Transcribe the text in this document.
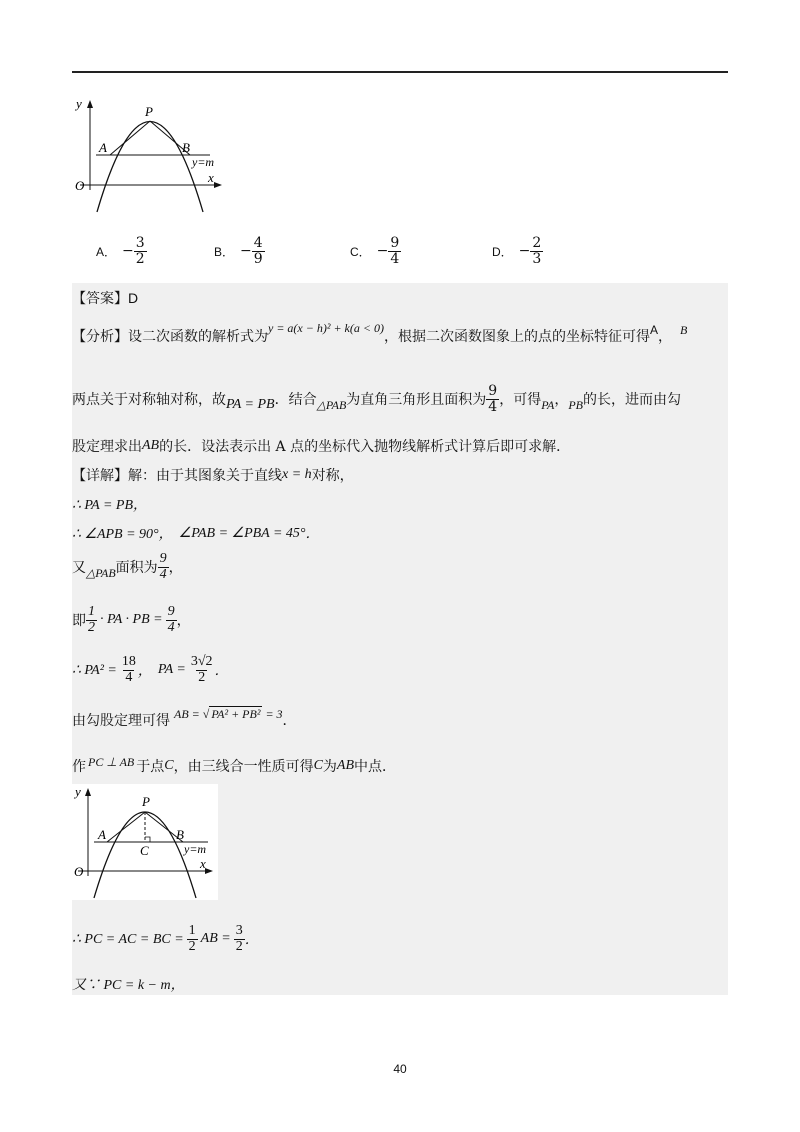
y
P
A	B
y=m
O
x
A． − $\frac{3}{2}$	B． − $\frac{4}{9}$	C． − $\frac{9}{4}$	D． − $\frac{2}{3}$
【答案】 D
【分析】 设二次函数的解析式为
y = a(x − h)² + k(a < 0)
，根据二次函数图象上的点的坐标特征可得 A ， B
两点关于对称轴对称，故 PA = PB ．结合 △PAB 为直角三角形且面积为 $\frac{9}{4}$ ，可得 PA ， PB 的长，进而由勾
股定理求出 AB 的长．设法表示出 A 点的坐标代入抛物线解析式计算后即可求解．
【详解】 解：由于其图象关于直线 x = h 对称，
∴ PA = PB，
∴ ∠APB = 90°， ∠PAB = ∠PBA = 45° ．
又 △PAB 面积为 $\frac{9}{4}$ ，
即 $\frac{1}{2}$ · PA · PB = $\frac{9}{4}$ ，
∴ $PA^2 = \frac{18}{4}$ ， PA = $\frac{3√2}{2}$ ．
由勾股定理可得 AB = √ PA² + PB² = 3 ．
作 PC ⊥ AB 于点 C ，由三线合一性质可得 C 为 AB 中点．
y
P
A	B
C	y=m
O
x
∴ PC = AC = BC = $\frac{1}{2}$ AB = $\frac{3}{2}$ ．
又∵ PC = k − m，
40
